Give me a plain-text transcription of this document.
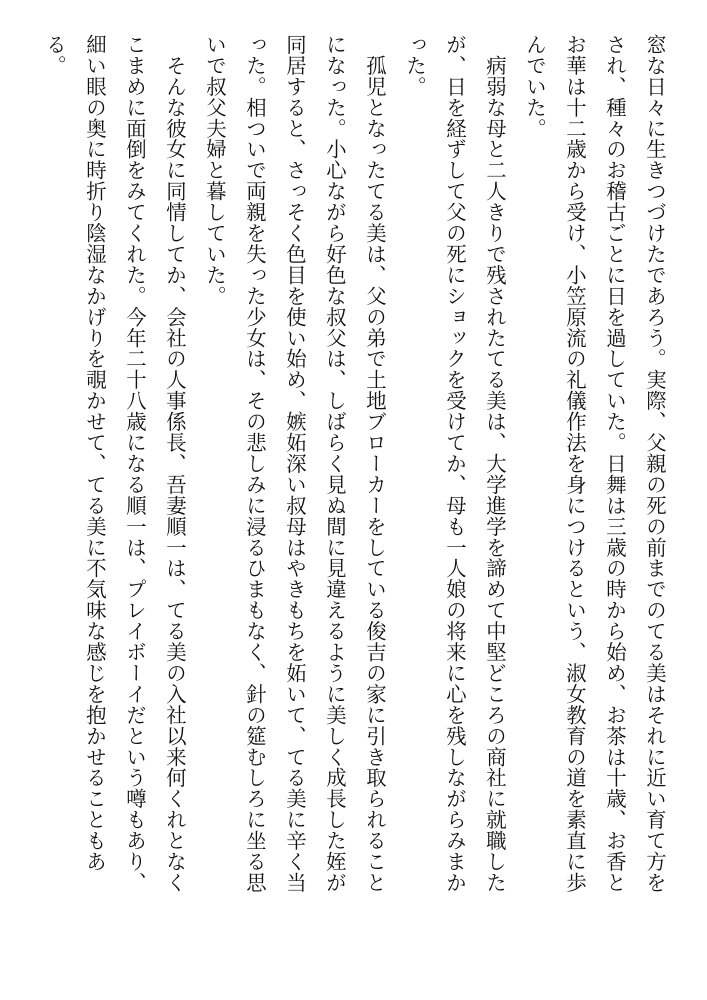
窓な日々に生きつづけたであろう。実際、父親の死の前までのてる美はそれに近い育て方を
され、種々のお稽古ごとに日を過していた。日舞は三歳の時から始め、お茶は十歳、お香と
お華は十二歳から受け、小笠原流の礼儀作法を身につけるという、淑女教育の道を素直に歩
んでいた。
　病弱な母と二人きりで残されたてる美は、大学進学を諦めて中堅どころの商社に就職した
が、日を経ずして父の死にショックを受けてか、母も一人娘の将来に心を残しながらみまか
った。
　孤児となったてる美は、父の弟で土地ブローカーをしている俊吉の家に引き取られること
になった。小心ながら好色な叔父は、しばらく見ぬ間に見違えるように美しく成長した姪が
同居すると、さっそく色目を使い始め、嫉妬深い叔母はやきもちを妬いて、てる美に辛く当
った。相ついで両親を失った少女は、その悲しみに浸るひまもなく、針の筵むしろに坐る思
いで叔父夫婦と暮していた。
　そんな彼女に同情してか、会社の人事係長、吾妻順一は、てる美の入社以来何くれとなく
こまめに面倒をみてくれた。今年二十八歳になる順一は、プレイボーイだという噂もあり、
細い眼の奥に時折り陰湿なかげりを覗かせて、てる美に不気味な感じを抱かせることもあ
る。
